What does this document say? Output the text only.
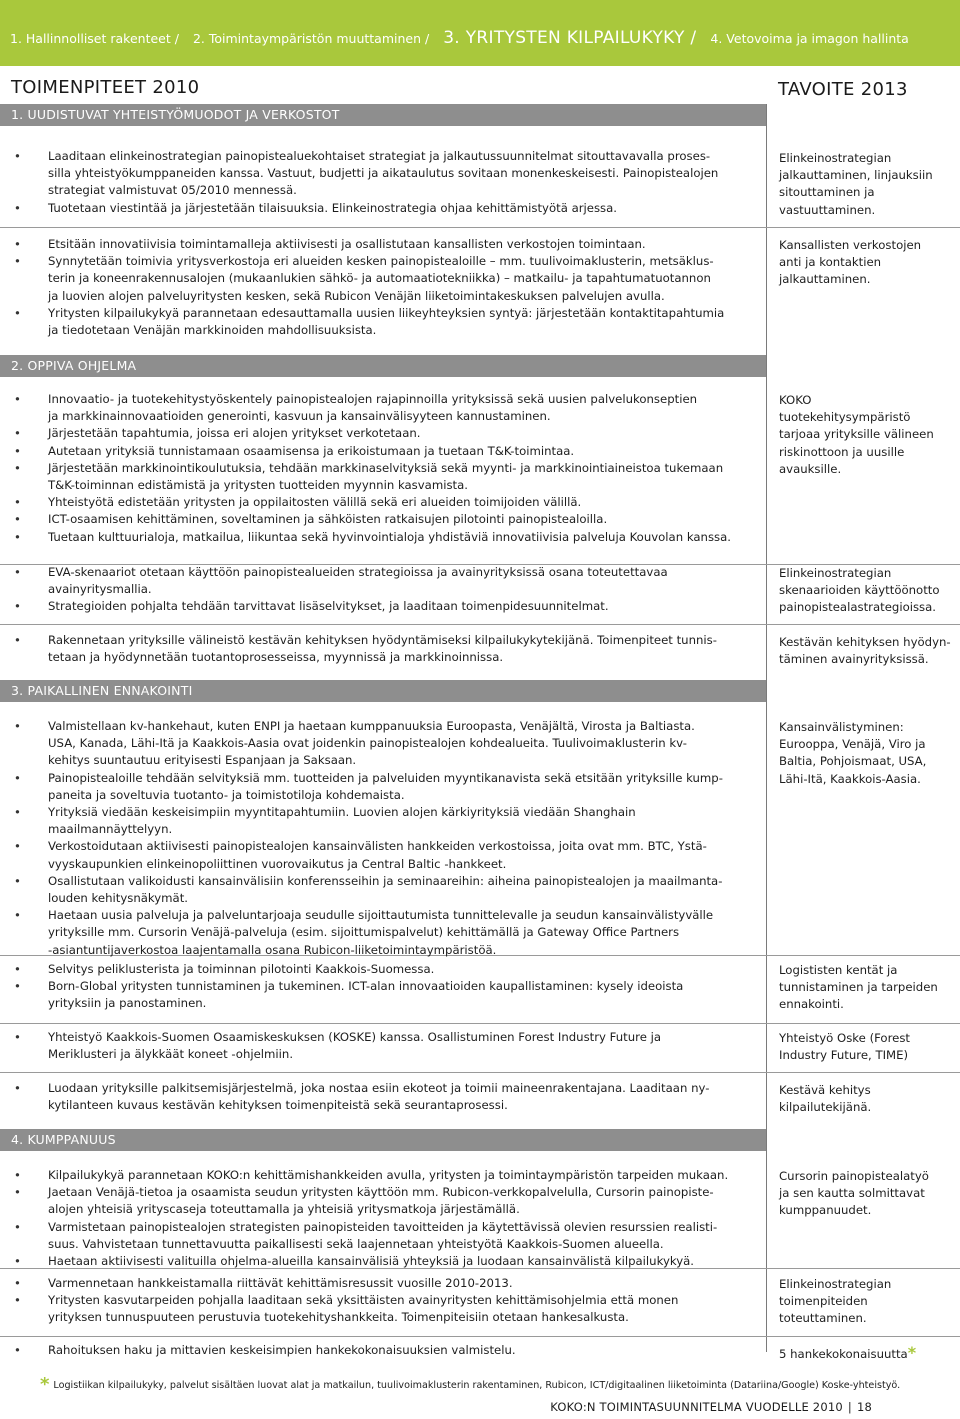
1. Hallinnolliset rakenteet / 2. Toimintaympäristön muuttaminen / 3. YRITYSTEN KILPAILUKYKY / 4. Vetovoima ja imagon hallinta
TOIMENPITEET 2010	TAVOITE 2013
1. UUDISTUVAT YHTEISTYÖMUODOT JA VERKOSTOT
2. OPPIVA OHJELMA
3. PAIKALLINEN ENNAKOINTI
4. KUMPPANUUS
• Laaditaan elinkeinostrategian painopistealuekohtaiset strategiat ja jalkautussuunnitelmat sitouttavavalla proses-
silla yhteistyökumppaneiden kanssa. Vastuut, budjetti ja aikataulutus sovitaan monenkeskeisesti. Painopistealojen
strategiat valmistuvat 05/2010 mennessä.
• Tuotetaan viestintää ja järjestetään tilaisuuksia. Elinkeinostrategia ohjaa kehittämistyötä arjessa.
• Etsitään innovatiivisia toimintamalleja aktiivisesti ja osallistutaan kansallisten verkostojen toimintaan.
• Synnytetään toimivia yritysverkostoja eri alueiden kesken painopistealoille – mm. tuulivoimaklusterin, metsäklus-
terin ja koneenrakennusalojen (mukaanlukien sähkö- ja automaatiotekniikka) – matkailu- ja tapahtumatuotannon
ja luovien alojen palveluyritysten kesken, sekä Rubicon Venäjän liiketoimintakeskuksen palvelujen avulla.
• Yritysten kilpailukykyä parannetaan edesauttamalla uusien liikeyhteyksien syntyä: järjestetään kontaktitapahtumia
ja tiedotetaan Venäjän markkinoiden mahdollisuuksista.
• Innovaatio- ja tuotekehitystyöskentely painopistealojen rajapinnoilla yrityksissä sekä uusien palvelukonseptien
ja markkinainnovaatioiden generointi, kasvuun ja kansainvälisyyteen kannustaminen.
• Järjestetään tapahtumia, joissa eri alojen yritykset verkotetaan.
• Autetaan yrityksiä tunnistamaan osaamisensa ja erikoistumaan ja tuetaan T&K-toimintaa.
• Järjestetään markkinointikoulutuksia, tehdään markkinaselvityksiä sekä myynti- ja markkinointiaineistoa tukemaan
T&K-toiminnan edistämistä ja yritysten tuotteiden myynnin kasvamista.
• Yhteistyötä edistetään yritysten ja oppilaitosten välillä sekä eri alueiden toimijoiden välillä.
• ICT-osaamisen kehittäminen, soveltaminen ja sähköisten ratkaisujen pilotointi painopistealoilla.
• Tuetaan kulttuurialoja, matkailua, liikuntaa sekä hyvinvointialoja yhdistäviä innovatiivisia palveluja Kouvolan kanssa.
• EVA-skenaariot otetaan käyttöön painopistealueiden strategioissa ja avainyrityksissä osana toteutettavaa
avainyritysmallia.
• Strategioiden pohjalta tehdään tarvittavat lisäselvitykset, ja laaditaan toimenpidesuunnitelmat.
• Rakennetaan yrityksille välineistö kestävän kehityksen hyödyntämiseksi kilpailukykytekijänä. Toimenpiteet tunnis-
tetaan ja hyödynnetään tuotantoprosesseissa, myynnissä ja markkinoinnissa.
• Valmistellaan kv-hankehaut, kuten ENPI ja haetaan kumppanuuksia Euroopasta, Venäjältä, Virosta ja Baltiasta.
USA, Kanada, Lähi-Itä ja Kaakkois-Aasia ovat joidenkin painopistealojen kohdealueita. Tuulivoimaklusterin kv-
kehitys suuntautuu erityisesti Espanjaan ja Saksaan.
• Painopistealoille tehdään selvityksiä mm. tuotteiden ja palveluiden myyntikanavista sekä etsitään yrityksille kump-
paneita ja soveltuvia tuotanto- ja toimistotiloja kohdemaista.
• Yrityksiä viedään keskeisimpiin myyntitapahtumiin. Luovien alojen kärkiyrityksiä viedään Shanghain maailmannäyttelyyn.
• Verkostoidutaan aktiivisesti painopistealojen kansainvälisten hankkeiden verkostoissa, joita ovat mm. BTC, Ystä-
vyyskaupunkien elinkeinopoliittinen vuorovaikutus ja Central Baltic -hankkeet.
• Osallistutaan valikoidusti kansainvälisiin konferensseihin ja seminaareihin: aiheina painopistealojen ja maailmanta-
louden kehitysnäkymät.
• Haetaan uusia palveluja ja palveluntarjoaja seudulle sijoittautumista tunnittelevalle ja seudun kansainvälistyvälle
yrityksille mm. Cursorin Venäjä-palveluja (esim. sijoittumispalvelut) kehittämällä ja Gateway Office Partners
-asiantuntijaverkostoa laajentamalla osana Rubicon-liiketoimintaympäristöä.
• Selvitys peliklusterista ja toiminnan pilotointi Kaakkois-Suomessa.
• Born-Global yritysten tunnistaminen ja tukeminen. ICT-alan innovaatioiden kaupallistaminen: kysely ideoista
yrityksiin ja panostaminen.
• Yhteistyö Kaakkois-Suomen Osaamiskeskuksen (KOSKE) kanssa. Osallistuminen Forest Industry Future ja
Meriklusteri ja älykkäät koneet -ohjelmiin.
• Luodaan yrityksille palkitsemisjärjestelmä, joka nostaa esiin ekoteot ja toimii maineenrakentajana. Laaditaan ny-
kytilanteen kuvaus kestävän kehityksen toimenpiteistä sekä seurantaprosessi.
• Kilpailukykyä parannetaan KOKO:n kehittämishankkeiden avulla, yritysten ja toimintaympäristön tarpeiden mukaan.
• Jaetaan Venäjä-tietoa ja osaamista seudun yritysten käyttöön mm. Rubicon-verkkopalvelulla, Cursorin painopiste-
alojen yhteisiä yrityscaseja toteuttamalla ja yhteisiä yritysmatkoja järjestämällä.
• Varmistetaan painopistealojen strategisten painopisteiden tavoitteiden ja käytettävissä olevien resurssien realisti-
suus. Vahvistetaan tunnettavuutta paikallisesti sekä laajennetaan yhteistyötä Kaakkois-Suomen alueella.
• Haetaan aktiivisesti valituilla ohjelma-alueilla kansainvälisiä yhteyksiä ja luodaan kansainvälistä kilpailukykyä.
• Varmennetaan hankkeistamalla riittävät kehittämisresussit vuosille 2010-2013.
• Yritysten kasvutarpeiden pohjalla laaditaan sekä yksittäisten avainyritysten kehittämisohjelmia että monen
yrityksen tunnuspuuteen perustuvia tuotekehityshankkeita. Toimenpiteisiin otetaan hankesalkusta.
• Rahoituksen haku ja mittavien keskeisimpien hankekokonaisuuksien valmistelu.
Elinkeinostrategian
jalkauttaminen, linjauksiin
sitouttaminen ja
vastuuttaminen.
Kansallisten verkostojen
anti ja kontaktien
jalkauttaminen.
KOKO
tuotekehitysympäristö
tarjoaa yrityksille välineen
riskinottoon ja uusille
avauksille.
Elinkeinostrategian
skenaarioiden käyttöönotto
painopistealastrategioissa.
Kestävän kehityksen hyödyn-
täminen avainyrityksissä.
Kansainvälistyminen:
Eurooppa, Venäjä, Viro ja
Baltia, Pohjoismaat, USA,
Lähi-Itä, Kaakkois-Aasia.
Logististen kentät ja
tunnistaminen ja tarpeiden
ennakointi.
Yhteistyö Oske (Forest
Industry Future, TIME)
Kestävä kehitys
kilpailutekijänä.
Cursorin painopistealatyö
ja sen kautta solmittavat
kumppanuudet.
Elinkeinostrategian
toimenpiteiden
toteuttaminen.
5 hankekokonaisuutta*
* Logistiikan kilpailukyky, palvelut sisältäen luovat alat ja matkailun, tuulivoimaklusterin rakentaminen, Rubicon, ICT/digitaalinen liiketoiminta (Datariina/Google) Koske-yhteistyö.
KOKO:N TOIMINTASUUNNITELMA VUODELLE 2010 | 18
